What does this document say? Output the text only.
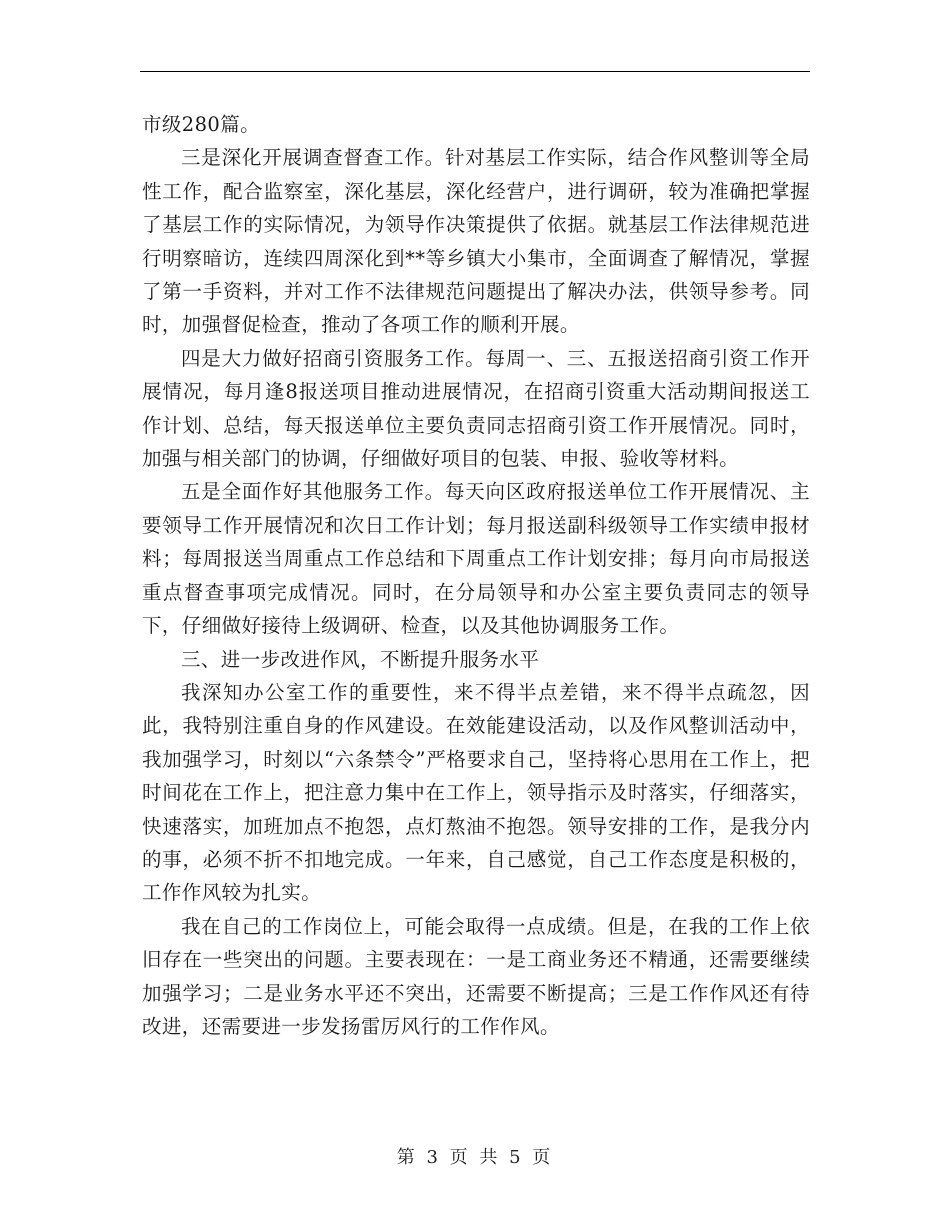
市级280篇。

三是深化开展调查督查工作。针对基层工作实际，结合作风整训等全局性工作，配合监察室，深化基层，深化经营户，进行调研，较为准确把掌握了基层工作的实际情况，为领导作决策提供了依据。就基层工作法律规范进行明察暗访，连续四周深化到**等乡镇大小集市，全面调查了解情况，掌握了第一手资料，并对工作不法律规范问题提出了解决办法，供领导参考。同时，加强督促检查，推动了各项工作的顺利开展。

四是大力做好招商引资服务工作。每周一、三、五报送招商引资工作开展情况，每月逢8报送项目推动进展情况，在招商引资重大活动期间报送工作计划、总结，每天报送单位主要负责同志招商引资工作开展情况。同时，加强与相关部门的协调，仔细做好项目的包装、申报、验收等材料。

五是全面作好其他服务工作。每天向区政府报送单位工作开展情况、主要领导工作开展情况和次日工作计划；每月报送副科级领导工作实绩申报材料；每周报送当周重点工作总结和下周重点工作计划安排；每月向市局报送重点督查事项完成情况。同时，在分局领导和办公室主要负责同志的领导下，仔细做好接待上级调研、检查，以及其他协调服务工作。

三、进一步改进作风，不断提升服务水平

我深知办公室工作的重要性，来不得半点差错，来不得半点疏忽，因此，我特别注重自身的作风建设。在效能建设活动，以及作风整训活动中，我加强学习，时刻以“六条禁令”严格要求自己，坚持将心思用在工作上，把时间花在工作上，把注意力集中在工作上，领导指示及时落实，仔细落实，快速落实，加班加点不抱怨，点灯熬油不抱怨。领导安排的工作，是我分内的事，必须不折不扣地完成。一年来，自己感觉，自己工作态度是积极的，工作作风较为扎实。

我在自己的工作岗位上，可能会取得一点成绩。但是，在我的工作上依旧存在一些突出的问题。主要表现在：一是工商业务还不精通，还需要继续加强学习；二是业务水平还不突出，还需要不断提高；三是工作作风还有待改进，还需要进一步发扬雷厉风行的工作作风。

第 3 页 共 5 页
